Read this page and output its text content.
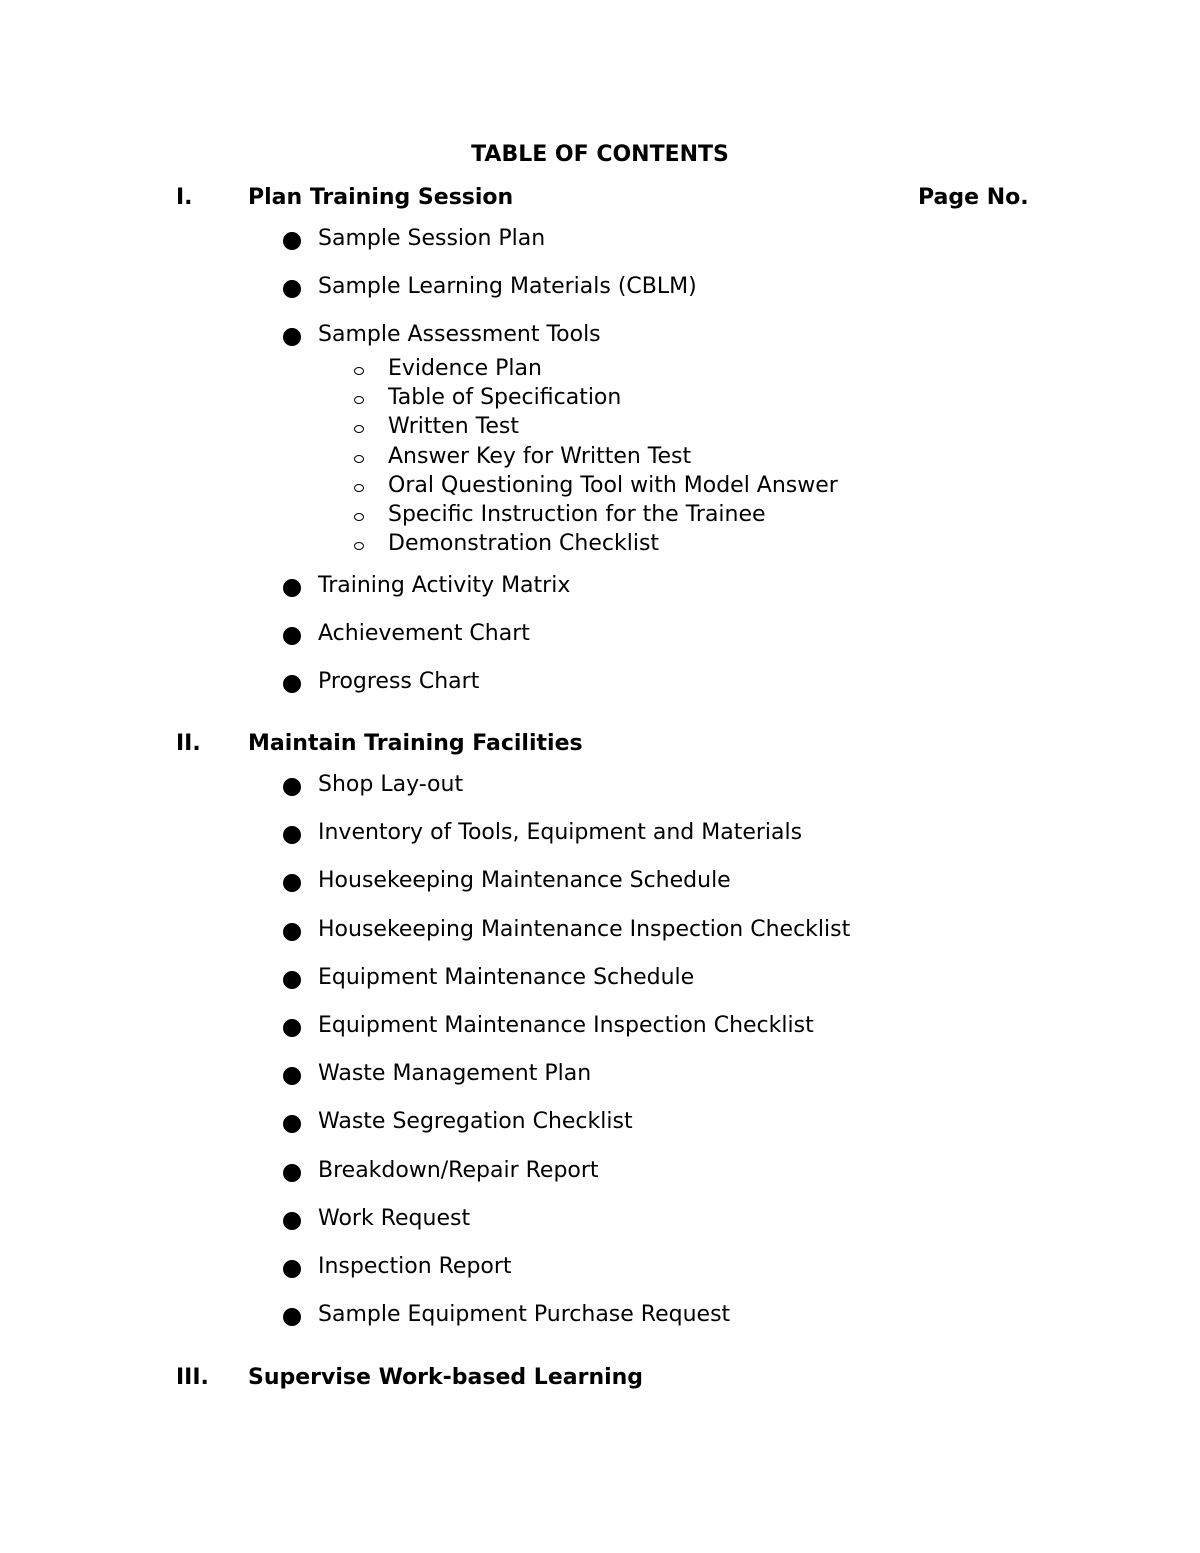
TABLE OF CONTENTS
I.	Plan Training Session	Page No.
Sample Session Plan
Sample Learning Materials (CBLM)
Sample Assessment Tools
Evidence Plan
Table of Specification
Written Test
Answer Key for Written Test
Oral Questioning Tool with Model Answer
Specific Instruction for the Trainee
Demonstration Checklist
Training Activity Matrix
Achievement Chart
Progress Chart
II. Maintain Training Facilities
Shop Lay-out
Inventory of Tools, Equipment and Materials
Housekeeping Maintenance Schedule
Housekeeping Maintenance Inspection Checklist
Equipment Maintenance Schedule
Equipment Maintenance Inspection Checklist
Waste Management Plan
Waste Segregation Checklist
Breakdown/Repair Report
Work Request
Inspection Report
Sample Equipment Purchase Request
III. Supervise Work-based Learning
